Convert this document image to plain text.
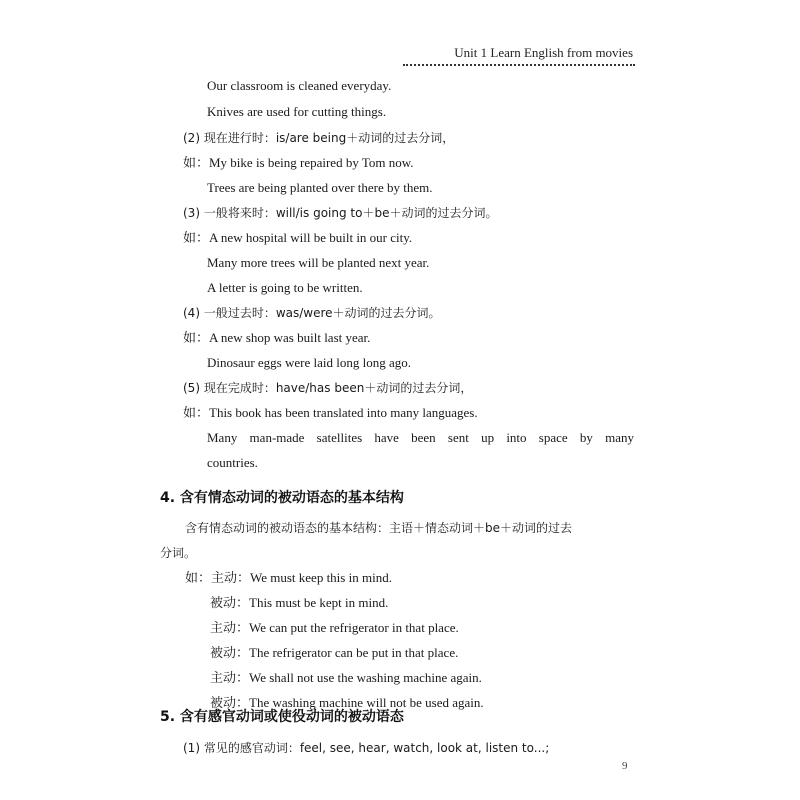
Unit 1 Learn English from movies
Our classroom is cleaned everyday.
Knives are used for cutting things.
(2) 现在进行时：is/are being＋动词的过去分词，
如：My bike is being repaired by Tom now.
Trees are being planted over there by them.
(3) 一般将来时：will/is going to＋be＋动词的过去分词。
如：A new hospital will be built in our city.
Many more trees will be planted next year.
A letter is going to be written.
(4) 一般过去时：was/were＋动词的过去分词。
如：A new shop was built last year.
Dinosaur eggs were laid long long ago.
(5) 现在完成时：have/has been＋动词的过去分词，
如：This book has been translated into many languages.
Many man-made satellites have been sent up into space by many
countries.
4. 含有情态动词的被动语态的基本结构
含有情态动词的被动语态的基本结构：主语＋情态动词＋be＋动词的过去
分词。
如：主动：We must keep this in mind.
被动：This must be kept in mind.
主动：We can put the refrigerator in that place.
被动：The refrigerator can be put in that place.
主动：We shall not use the washing machine again.
被动：The washing machine will not be used again.
5. 含有感官动词或使役动词的被动语态
(1) 常见的感官动词：feel, see, hear, watch, look at, listen to...;
9
